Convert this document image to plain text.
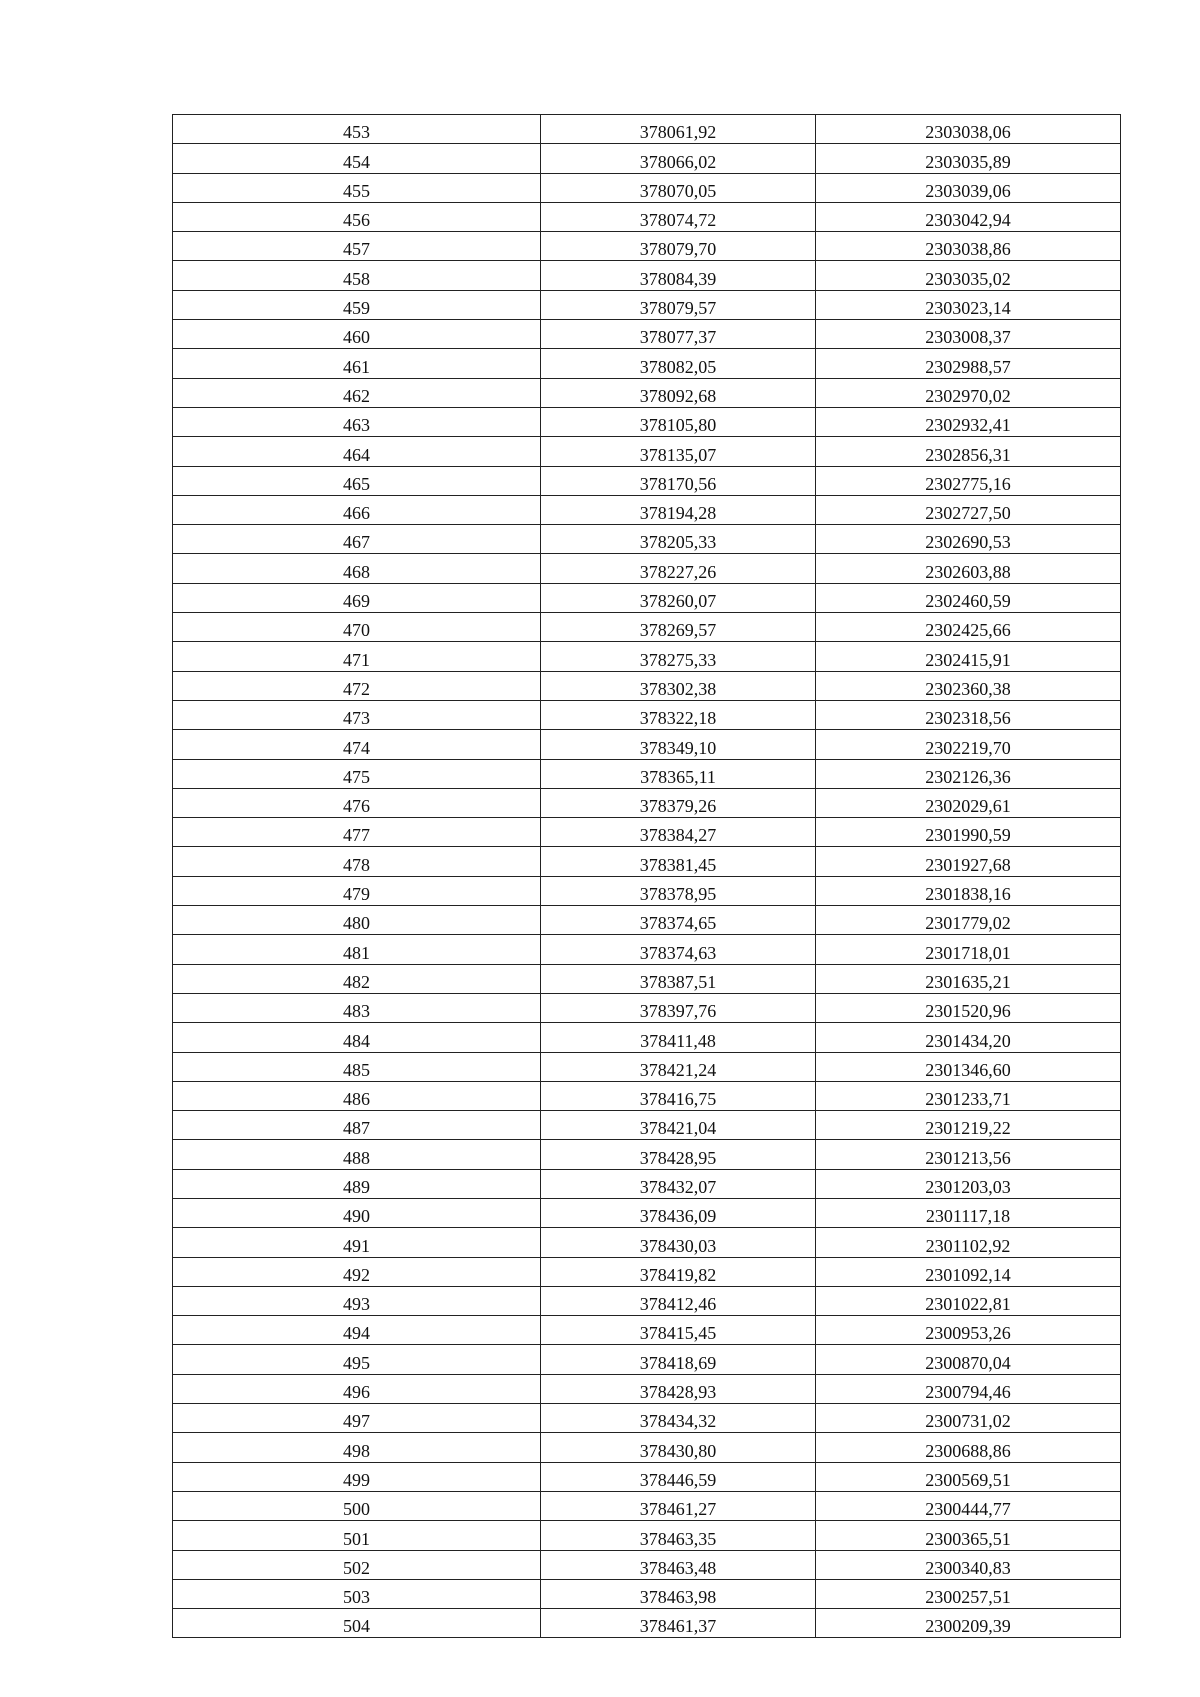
453	378061,92	2303038,06
454	378066,02	2303035,89
455	378070,05	2303039,06
456	378074,72	2303042,94
457	378079,70	2303038,86
458	378084,39	2303035,02
459	378079,57	2303023,14
460	378077,37	2303008,37
461	378082,05	2302988,57
462	378092,68	2302970,02
463	378105,80	2302932,41
464	378135,07	2302856,31
465	378170,56	2302775,16
466	378194,28	2302727,50
467	378205,33	2302690,53
468	378227,26	2302603,88
469	378260,07	2302460,59
470	378269,57	2302425,66
471	378275,33	2302415,91
472	378302,38	2302360,38
473	378322,18	2302318,56
474	378349,10	2302219,70
475	378365,11	2302126,36
476	378379,26	2302029,61
477	378384,27	2301990,59
478	378381,45	2301927,68
479	378378,95	2301838,16
480	378374,65	2301779,02
481	378374,63	2301718,01
482	378387,51	2301635,21
483	378397,76	2301520,96
484	378411,48	2301434,20
485	378421,24	2301346,60
486	378416,75	2301233,71
487	378421,04	2301219,22
488	378428,95	2301213,56
489	378432,07	2301203,03
490	378436,09	2301117,18
491	378430,03	2301102,92
492	378419,82	2301092,14
493	378412,46	2301022,81
494	378415,45	2300953,26
495	378418,69	2300870,04
496	378428,93	2300794,46
497	378434,32	2300731,02
498	378430,80	2300688,86
499	378446,59	2300569,51
500	378461,27	2300444,77
501	378463,35	2300365,51
502	378463,48	2300340,83
503	378463,98	2300257,51
504	378461,37	2300209,39
